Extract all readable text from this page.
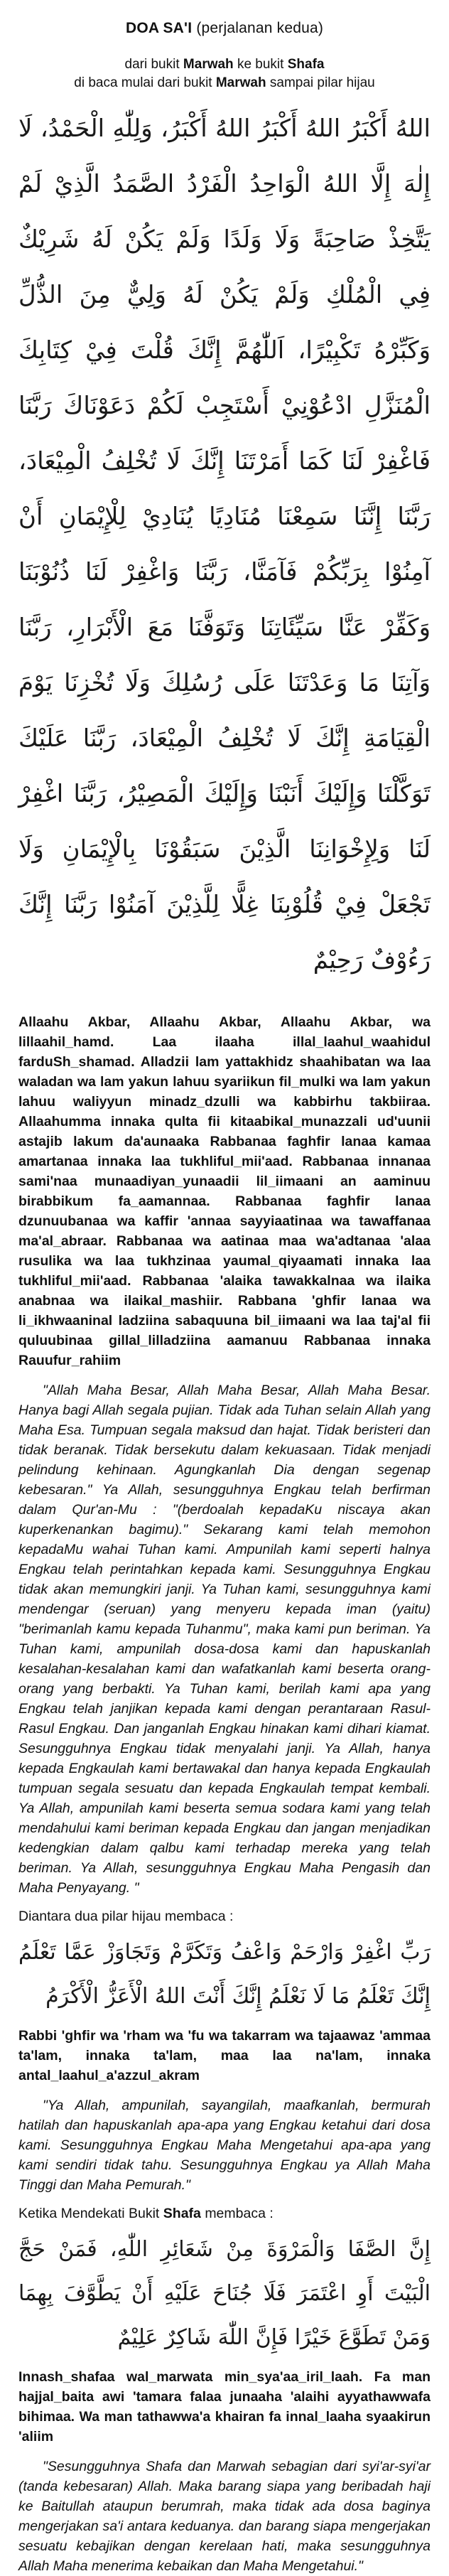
DOA SA'I (perjalanan kedua)
dari bukit Marwah ke bukit Shafa
di baca mulai dari bukit Marwah sampai pilar hijau
اللهُ أَكْبَرُ اللهُ أَكْبَرُ اللهُ أَكْبَرُ، وَلِلّٰهِ الْحَمْدُ، لَا إِلٰهَ إِلَّا اللهُ الْوَاحِدُ الْفَرْدُ الصَّمَدُ الَّذِيْ لَمْ يَتَّخِذْ صَاحِبَةً وَلَا وَلَدًا وَلَمْ يَكُنْ لَهُ شَرِيْكٌ فِي الْمُلْكِ وَلَمْ يَكُنْ لَهُ وَلِيٌّ مِنَ الذُّلِّ وَكَبِّرْهُ تَكْبِيْرًا، اَللّٰهُمَّ إِنَّكَ قُلْتَ فِيْ كِتَابِكَ الْمُنَزَّلِ ادْعُوْنِيْ أَسْتَجِبْ لَكُمْ دَعَوْنَاكَ رَبَّنَا فَاغْفِرْ لَنَا كَمَا أَمَرْتَنَا إِنَّكَ لَا تُخْلِفُ الْمِيْعَادَ، رَبَّنَا إِنَّنَا سَمِعْنَا مُنَادِيًا يُنَادِيْ لِلْإِيْمَانِ أَنْ آمِنُوْا بِرَبِّكُمْ فَآمَنَّا، رَبَّنَا وَاغْفِرْ لَنَا ذُنُوْبَنَا وَكَفِّرْ عَنَّا سَيِّئَاتِنَا وَتَوَفَّنَا مَعَ الْأَبْرَارِ، رَبَّنَا وَآتِنَا مَا وَعَدْتَنَا عَلَى رُسُلِكَ وَلَا تُخْزِنَا يَوْمَ الْقِيَامَةِ إِنَّكَ لَا تُخْلِفُ الْمِيْعَادَ، رَبَّنَا عَلَيْكَ تَوَكَّلْنَا وَإِلَيْكَ أَنَبْنَا وَإِلَيْكَ الْمَصِيْرُ، رَبَّنَا اغْفِرْ لَنَا وَلِإِخْوَانِنَا الَّذِيْنَ سَبَقُوْنَا بِالْإِيْمَانِ وَلَا تَجْعَلْ فِيْ قُلُوْبِنَا غِلًّا لِلَّذِيْنَ آمَنُوْا رَبَّنَا إِنَّكَ رَءُوْفٌ رَحِيْمٌ

Allaahu Akbar, Allaahu Akbar, Allaahu Akbar, wa lillaahil_hamd. Laa ilaaha illal_laahul_waahidul farduSh_shamad. Alladzii lam yattakhidz shaahibatan wa laa waladan wa lam yakun lahuu syariikun fil_mulki wa lam yakun lahuu waliyyun minadz_dzulli wa kabbirhu takbiiraa. Allaahumma innaka qulta fii kitaabikal_munazzali ud'uunii astajib lakum da'aunaaka Rabbanaa faghfir lanaa kamaa amartanaa innaka laa tukhliful_mii'aad. Rabbanaa innanaa sami'naa munaadiyan_yunaadii lil_iimaani an aaminuu birabbikum fa_aamannaa. Rabbanaa faghfir lanaa dzunuubanaa wa kaffir 'annaa sayyiaatinaa wa tawaffanaa ma'al_abraar. Rabbanaa wa aatinaa maa wa'adtanaa 'alaa rusulika wa laa tukhzinaa yaumal_qiyaamati innaka laa tukhliful_mii'aad. Rabbanaa 'alaika tawakkalnaa wa ilaika anabnaa wa ilaikal_mashiir. Rabbana 'ghfir lanaa wa li_ikhwaaninal ladziina sabaquuna bil_iimaani wa laa taj'al fii quluubinaa gillal_lilladziina aamanuu Rabbanaa innaka Rauufur_rahiim

"Allah Maha Besar, Allah Maha Besar, Allah Maha Besar. Hanya bagi Allah segala pujian. Tidak ada Tuhan selain Allah yang Maha Esa. Tumpuan segala maksud dan hajat. Tidak beristeri dan tidak beranak. Tidak bersekutu dalam kekuasaan. Tidak menjadi pelindung kehinaan. Agungkanlah Dia dengan segenap kebesaran." Ya Allah, sesungguhnya Engkau telah berfirman dalam Qur'an-Mu : "(berdoalah kepadaKu niscaya akan kuperkenankan bagimu)." Sekarang kami telah memohon kepadaMu wahai Tuhan kami. Ampunilah kami seperti halnya Engkau telah perintahkan kepada kami. Sesungguhnya Engkau tidak akan memungkiri janji. Ya Tuhan kami, sesungguhnya kami mendengar (seruan) yang menyeru kepada iman (yaitu) "berimanlah kamu kepada Tuhanmu", maka kami pun beriman. Ya Tuhan kami, ampunilah dosa-dosa kami dan hapuskanlah kesalahan-kesalahan kami dan wafatkanlah kami beserta orang-orang yang berbakti. Ya Tuhan kami, berilah kami apa yang Engkau telah janjikan kepada kami dengan perantaraan Rasul-Rasul Engkau. Dan janganlah Engkau hinakan kami dihari kiamat. Sesungguhnya Engkau tidak menyalahi janji. Ya Allah, hanya kepada Engkaulah kami bertawakal dan hanya kepada Engkaulah tumpuan segala sesuatu dan kepada Engkaulah tempat kembali. Ya Allah, ampunilah kami beserta semua sodara kami yang telah mendahului kami beriman kepada Engkau dan jangan menjadikan kedengkian dalam qalbu kami terhadap mereka yang telah beriman. Ya Allah, sesungguhnya Engkau Maha Pengasih dan Maha Penyayang. "

Diantara dua pilar hijau membaca :
رَبِّ اغْفِرْ وَارْحَمْ وَاعْفُ وَتَكَرَّمْ وَتَجَاوَزْ عَمَّا تَعْلَمُ إِنَّكَ تَعْلَمُ مَا لَا نَعْلَمُ إِنَّكَ أَنْتَ اللهُ الْأَعَزُّ الْأَكْرَمُ

Rabbi 'ghfir wa 'rham wa 'fu wa takarram wa tajaawaz 'ammaa ta'lam, innaka ta'lam, maa laa na'lam, innaka antal_laahul_a'azzul_akram

"Ya Allah, ampunilah, sayangilah, maafkanlah, bermurah hatilah dan hapuskanlah apa-apa yang Engkau ketahui dari dosa kami. Sesungguhnya Engkau Maha Mengetahui apa-apa yang kami sendiri tidak tahu. Sesungguhnya Engkau ya Allah Maha Tinggi dan Maha Pemurah."

Ketika Mendekati Bukit Shafa membaca :
إِنَّ الصَّفَا وَالْمَرْوَةَ مِنْ شَعَائِرِ اللّٰهِ، فَمَنْ حَجَّ الْبَيْتَ أَوِ اعْتَمَرَ فَلَا جُنَاحَ عَلَيْهِ أَنْ يَطَّوَّفَ بِهِمَا وَمَنْ تَطَوَّعَ خَيْرًا فَإِنَّ اللّٰهَ شَاكِرٌ عَلِيْمٌ

Innash_shafaa wal_marwata min_sya'aa_iril_laah. Fa man hajjal_baita awi 'tamara falaa junaaha 'alaihi ayyathawwafa bihimaa. Wa man tathawwa'a khairan fa innal_laaha syaakirun 'aliim

"Sesungguhnya Shafa dan Marwah sebagian dari syi'ar-syi'ar (tanda kebesaran) Allah. Maka barang siapa yang beribadah haji ke Baitullah ataupun berumrah, maka tidak ada dosa baginya mengerjakan sa'i antara keduanya. dan barang siapa mengerjakan sesuatu kebajikan dengan kerelaan hati, maka sesungguhnya Allah Maha menerima kebaikan dan Maha Mengetahui."
